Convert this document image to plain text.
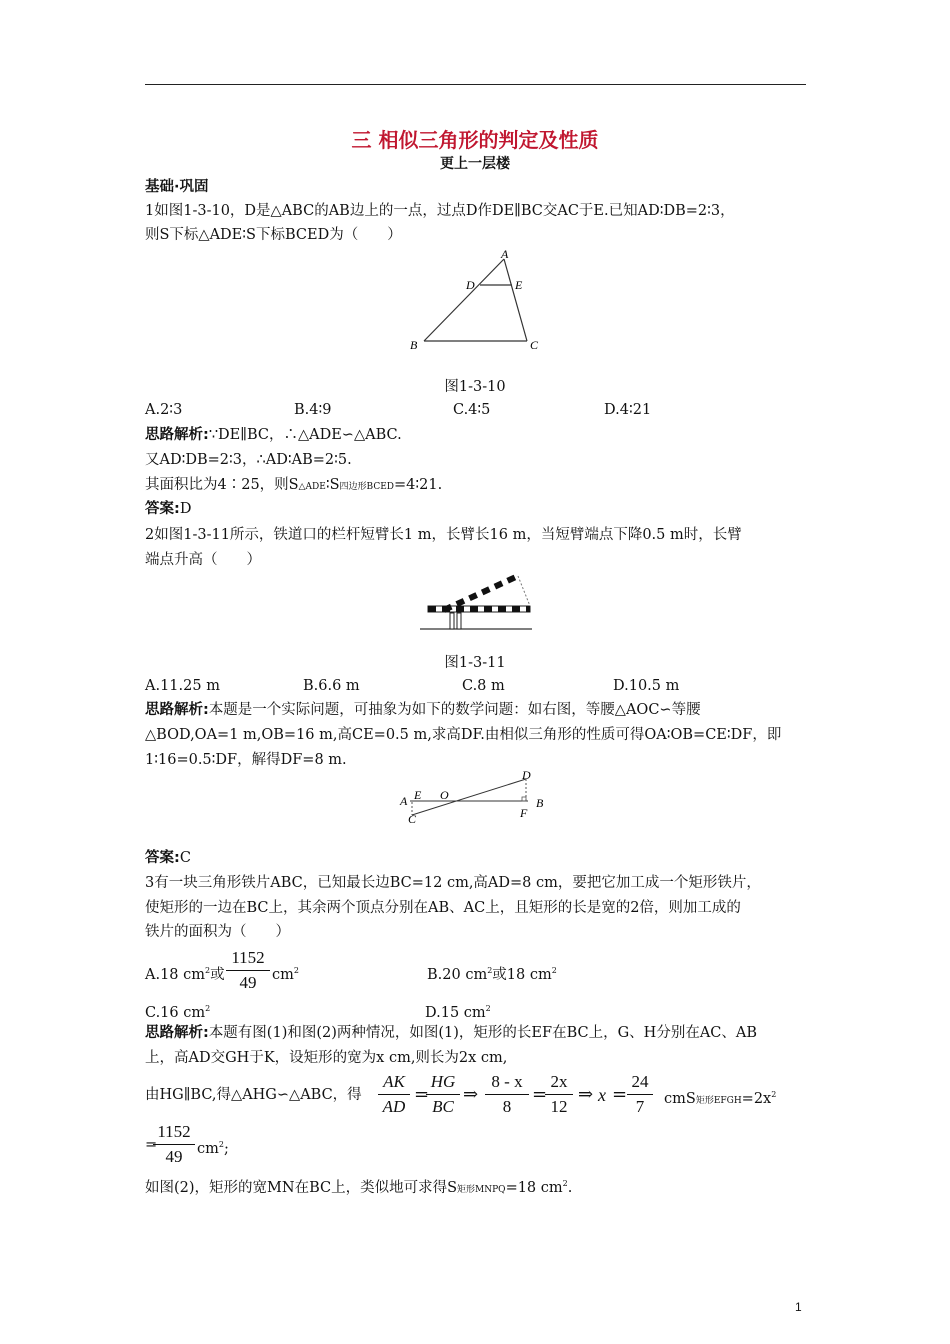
三 相似三角形的判定及性质
更上一层楼
基础·巩固
1如图1-3-10，D是△ABC的AB边上的一点，过点D作DE∥BC交AC于E.已知AD∶DB=2∶3，
则S下标△ADE∶S下标BCED为（　　）
A
D	E
B	C
图1-3-10
A.2∶3	B.4∶9	C.4∶5	D.4∶21
思路解析:∵DE∥BC，∴△ADE∽△ABC.
又AD∶DB=2∶3，∴AD∶AB=2∶5.
其面积比为4∶25，则S△ADE∶S四边形BCED=4∶21.
答案:D
2如图1-3-11所示，铁道口的栏杆短臂长1 m，长臂长16 m，当短臂端点下降0.5 m时，长臂
端点升高（　　）
图1-3-11
A.11.25 m	B.6.6 m	C.8 m	D.10.5 m
思路解析:本题是一个实际问题，可抽象为如下的数学问题：如右图，等腰△AOC∽等腰
△BOD,OA=1 m,OB=16 m,高CE=0.5 m,求高DF.由相似三角形的性质可得OA∶OB=CE∶DF，即
1∶16=0.5∶DF，解得DF=8 m.
A E O
C
D
F
B
答案:C
3有一块三角形铁片ABC，已知最长边BC=12 cm,高AD=8 cm，要把它加工成一个矩形铁片，
使矩形的一边在BC上，其余两个顶点分别在AB、AC上，且矩形的长是宽的2倍，则加工成的
铁片的面积为（　　）
A.18 $cm^2$或
1152
49	$cm^2$	B.20 $cm^2$或18 $cm^2$
C.16 $cm^2$	D.15 $cm^2$
思路解析:本题有图(1)和图(2)两种情况，如图(1)，矩形的长EF在BC上，G、H分别在AC、AB
上，高AD交GH于K，设矩形的宽为x cm,则长为2x cm,
由HG∥BC,得△AHG∽△ABC，得
AK
AD
=
HG
BC
⇒
8 - x
8
=
2x
12
⇒ x =
24
7	cmS矩形$EFGH=2x^2$
=
1152
49	$cm^2$;
如图(2)，矩形的宽MN在BC上，类似地可求得S矩形MNPQ=18 $cm^2$.
1
